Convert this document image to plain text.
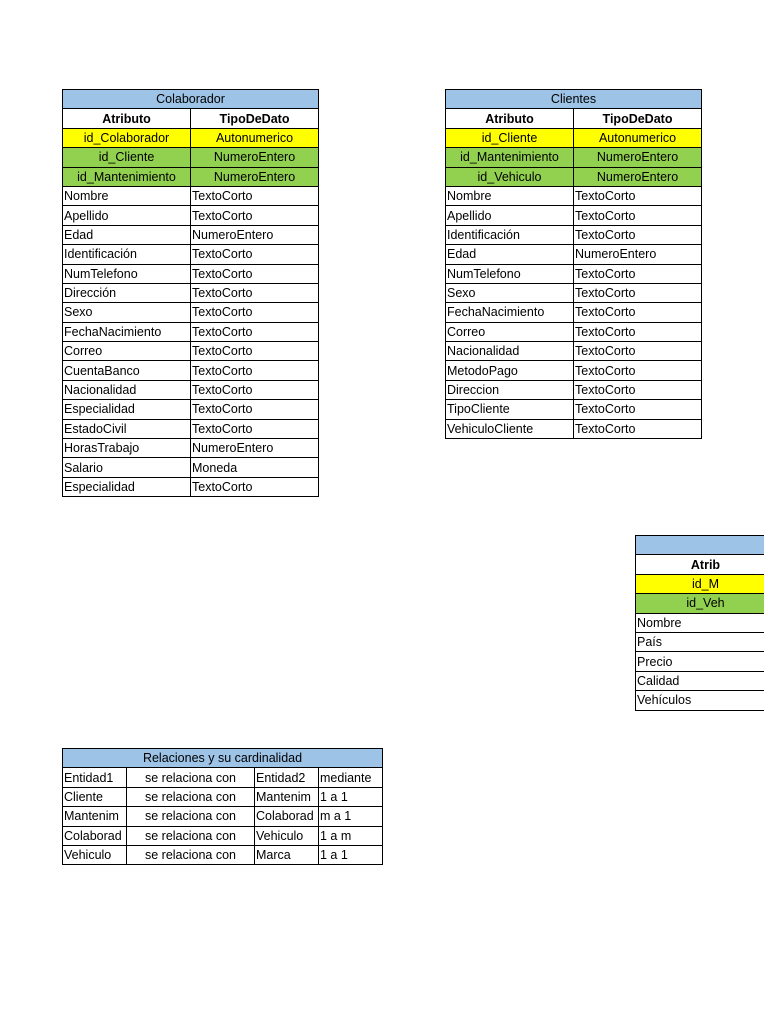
Colaborador	
Atributo	TipoDeDato
id_Colaborador	Autonumerico
id_Cliente	NumeroEntero
id_Mantenimiento	NumeroEntero
Nombre	TextoCorto
Apellido	TextoCorto
Edad	NumeroEntero
Identificación	TextoCorto
NumTelefono	TextoCorto
Dirección	TextoCorto
Sexo	TextoCorto
FechaNacimiento	TextoCorto
Correo	TextoCorto
CuentaBanco	TextoCorto
Nacionalidad	TextoCorto
Especialidad	TextoCorto
EstadoCivil	TextoCorto
HorasTrabajo	NumeroEntero
Salario	Moneda
Especialidad	TextoCorto
Clientes	
Atributo	TipoDeDato
id_Cliente	Autonumerico
id_Mantenimiento	NumeroEntero
id_Vehiculo	NumeroEntero
Nombre	TextoCorto
Apellido	TextoCorto
Identificación	TextoCorto
Edad	NumeroEntero
NumTelefono	TextoCorto
Sexo	TextoCorto
FechaNacimiento	TextoCorto
Correo	TextoCorto
Nacionalidad	TextoCorto
MetodoPago	TextoCorto
Direccion	TextoCorto
TipoCliente	TextoCorto
VehiculoCliente	TextoCorto

Atrib
id_M
id_Veh
Nombre
País
Precio
Calidad
Vehículos
Relaciones y su cardinalidad			
Entidad1	se relaciona con	Entidad2	mediante
Cliente	se relaciona con	Mantenim	1 a 1
Mantenim	se relaciona con	Colaborad	m a 1
Colaborad	se relaciona con	Vehiculo	1 a m
Vehiculo	se relaciona con	Marca	1 a 1
